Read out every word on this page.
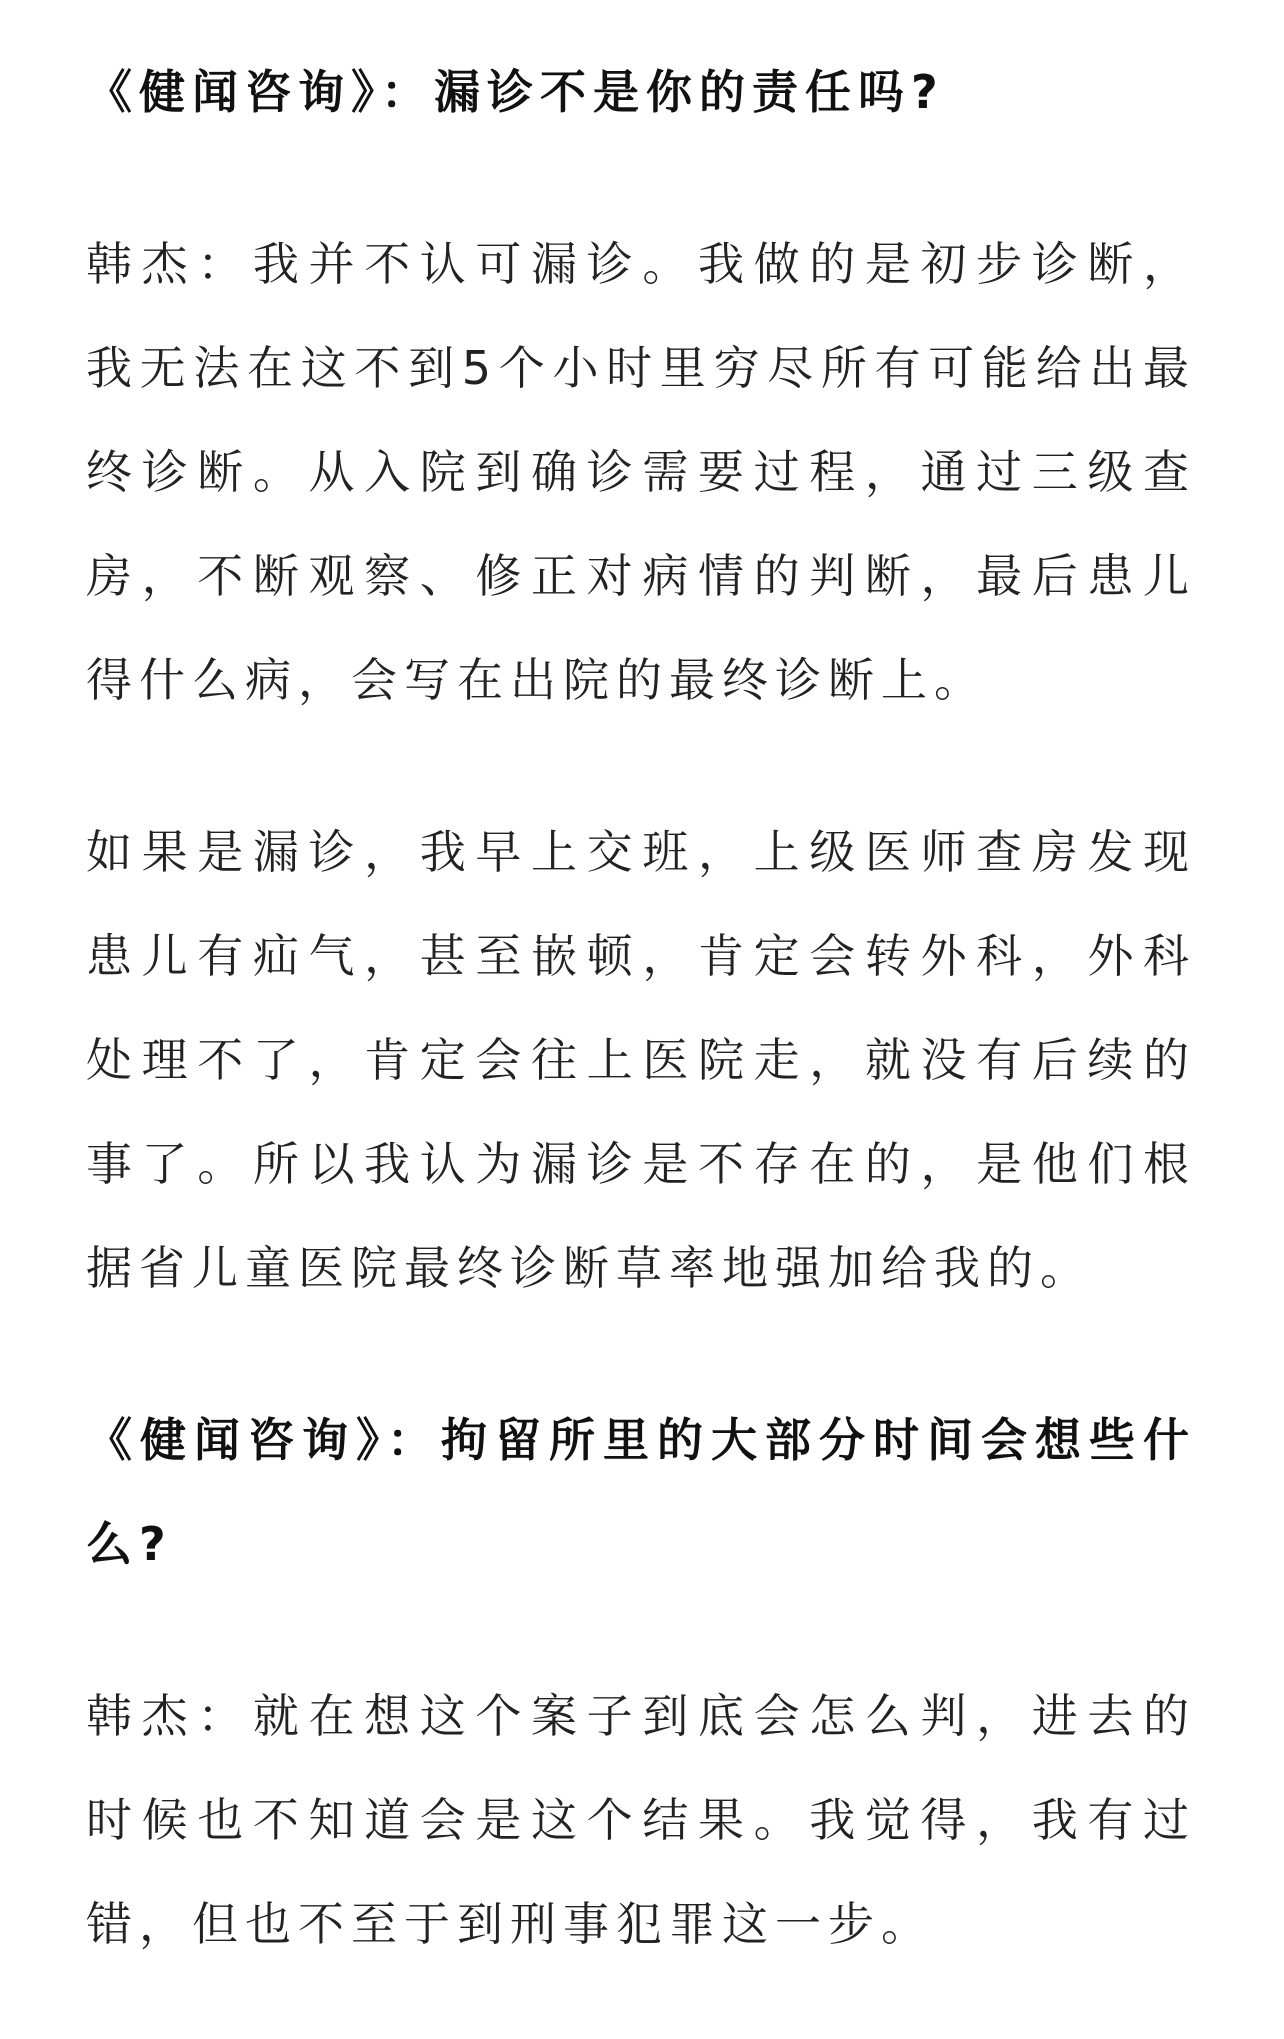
《健闻咨询》：漏诊不是你的责任吗?

韩杰：我并不认可漏诊。我做的是初步诊断，我无法在这不到5个小时里穷尽所有可能给出最终诊断。从入院到确诊需要过程，通过三级查房，不断观察、修正对病情的判断，最后患儿得什么病，会写在出院的最终诊断上。

如果是漏诊，我早上交班，上级医师查房发现患儿有疝气，甚至嵌顿，肯定会转外科，外科处理不了，肯定会往上医院走，就没有后续的事了。所以我认为漏诊是不存在的，是他们根据省儿童医院最终诊断草率地强加给我的。

《健闻咨询》：拘留所里的大部分时间会想些什么?

韩杰：就在想这个案子到底会怎么判，进去的时候也不知道会是这个结果。我觉得，我有过错，但也不至于到刑事犯罪这一步。
